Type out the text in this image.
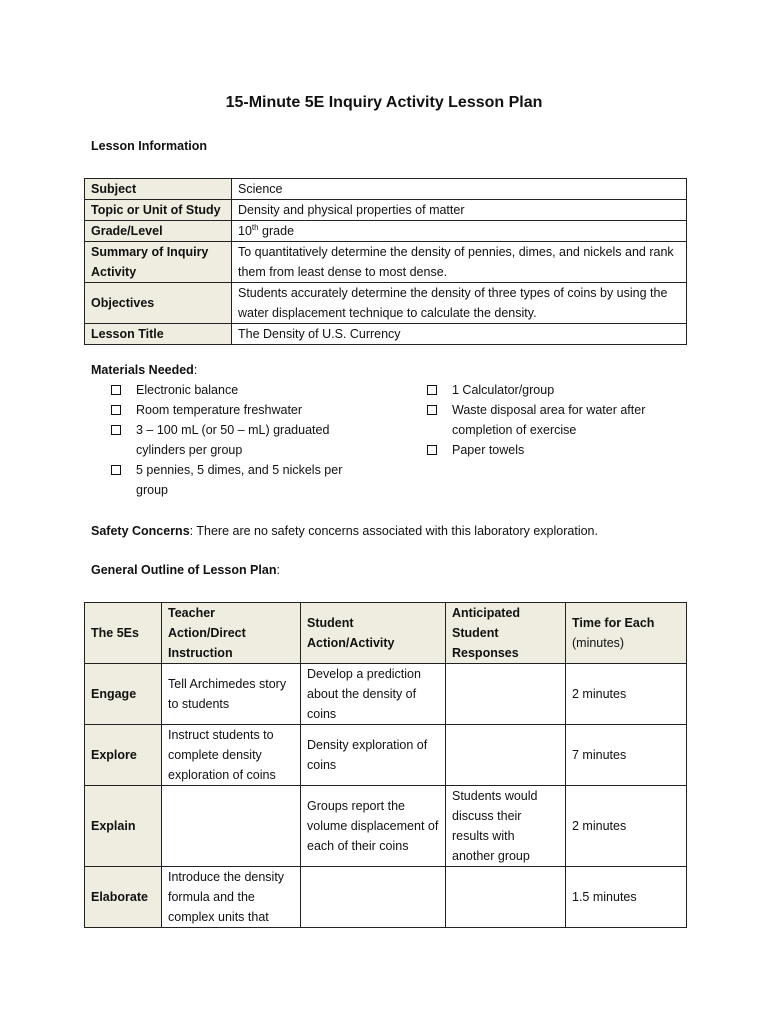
15-Minute 5E Inquiry Activity Lesson Plan
Lesson Information
Subject	Science
Topic or Unit of Study	Density and physical properties of matter
Grade/Level	10th grade
Summary of Inquiry Activity	To quantitatively determine the density of pennies, dimes, and nickels and rank them from least dense to most dense.
Objectives	Students accurately determine the density of three types of coins by using the water displacement technique to calculate the density.
Lesson Title	The Density of U.S. Currency
Materials Needed:
Electronic balance
Room temperature freshwater
3 – 100 mL (or 50 – mL) graduated cylinders per group
5 pennies, 5 dimes, and 5 nickels per group
1 Calculator/group
Waste disposal area for water after completion of exercise
Paper towels
Safety Concerns: There are no safety concerns associated with this laboratory exploration.
General Outline of Lesson Plan:
The 5Es	Teacher Action/Direct Instruction	Student Action/Activity	Anticipated Student Responses	Time for Each
(minutes)
Engage	Tell Archimedes story to students	Develop a prediction about the density of coins		2 minutes
Explore	Instruct students to complete density exploration of coins	Density exploration of coins		7 minutes
Explain		Groups report the volume displacement of each of their coins	Students would discuss their results with another group	2 minutes
Elaborate	Introduce the density formula and the complex units that			1.5 minutes
